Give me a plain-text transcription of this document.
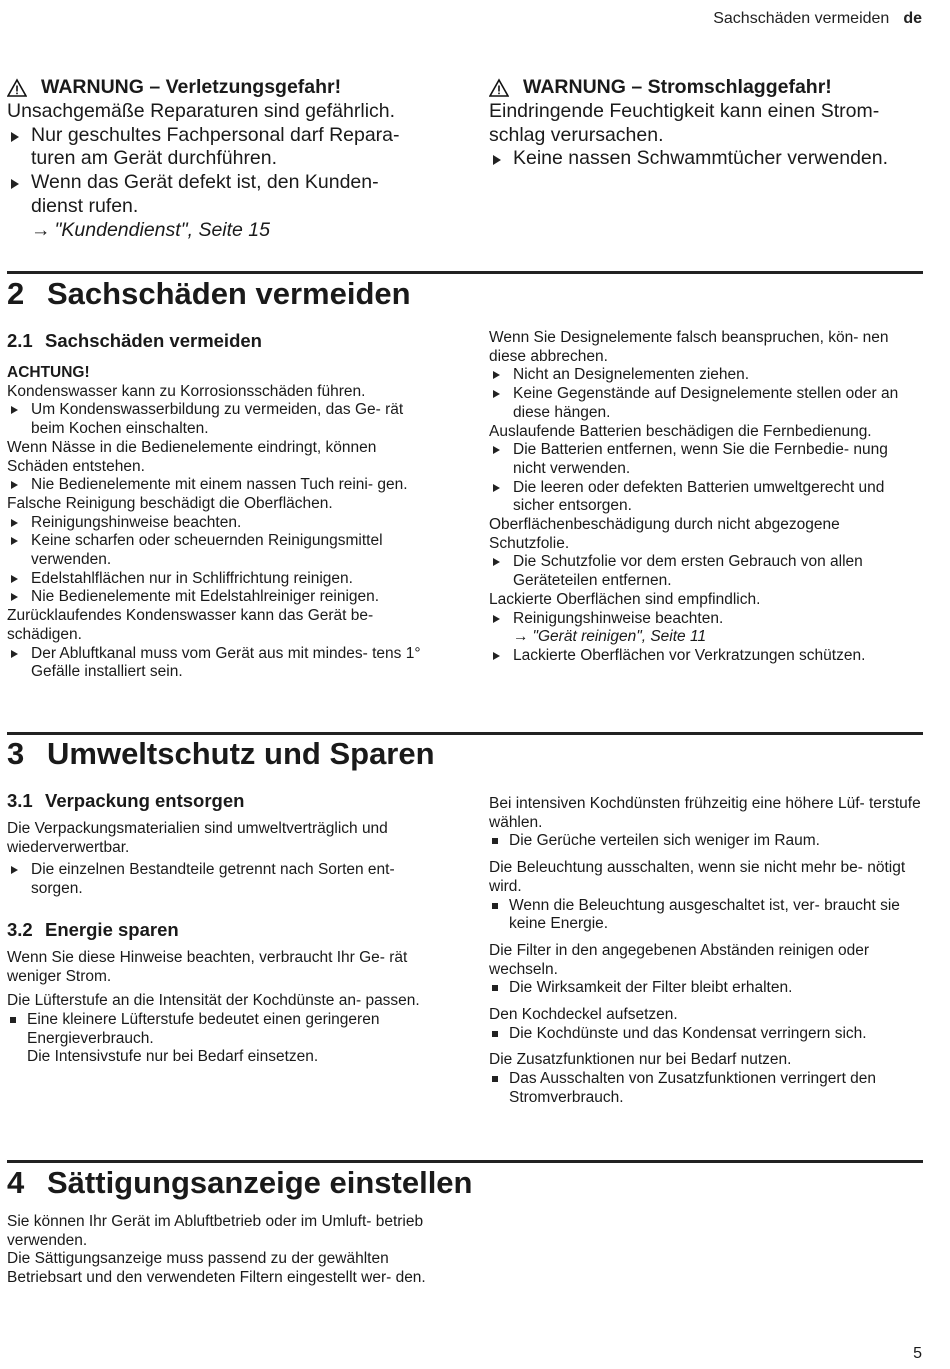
Sachschäden vermeiden de
WARNUNG – Verletzungsgefahr!

Unsachgemäße Reparaturen sind gefährlich.

Nur geschultes Fachpersonal darf Repara- turen am Gerät durchführen.
Wenn das Gerät defekt ist, den Kunden- dienst rufen.
→ "Kundendienst", Seite 15
WARNUNG – Stromschlaggefahr!

Eindringende Feuchtigkeit kann einen Strom- schlag verursachen.

Keine nassen Schwammtücher verwenden.
2 Sachschäden vermeiden
2.1 Sachschäden vermeiden

ACHTUNG!

Kondenswasser kann zu Korrosionsschäden führen.

Um Kondenswasserbildung zu vermeiden, das Ge- rät beim Kochen einschalten.

Wenn Nässe in die Bedienelemente eindringt, können Schäden entstehen.

Nie Bedienelemente mit einem nassen Tuch reini- gen.

Falsche Reinigung beschädigt die Oberflächen.

Reinigungshinweise beachten.
Keine scharfen oder scheuernden Reinigungsmittel verwenden.
Edelstahlflächen nur in Schliffrichtung reinigen.
Nie Bedienelemente mit Edelstahlreiniger reinigen.

Zurücklaufendes Kondenswasser kann das Gerät be- schädigen.

Der Abluftkanal muss vom Gerät aus mit mindes- tens 1° Gefälle installiert sein.

Wenn Sie Designelemente falsch beanspruchen, kön- nen diese abbrechen.

Nicht an Designelementen ziehen.
Keine Gegenstände auf Designelemente stellen oder an diese hängen.

Auslaufende Batterien beschädigen die Fernbedienung.

Die Batterien entfernen, wenn Sie die Fernbedie- nung nicht verwenden.
Die leeren oder defekten Batterien umweltgerecht und sicher entsorgen.

Oberflächenbeschädigung durch nicht abgezogene Schutzfolie.

Die Schutzfolie vor dem ersten Gebrauch von allen Geräteteilen entfernen.

Lackierte Oberflächen sind empfindlich.

Reinigungshinweise beachten.
→ "Gerät reinigen", Seite 11
Lackierte Oberflächen vor Verkratzungen schützen.
3 Umweltschutz und Sparen
3.1 Verpackung entsorgen

Die Verpackungsmaterialien sind umweltverträglich und wiederverwertbar.

Die einzelnen Bestandteile getrennt nach Sorten ent- sorgen.
3.2 Energie sparen

Wenn Sie diese Hinweise beachten, verbraucht Ihr Ge- rät weniger Strom.

Die Lüfterstufe an die Intensität der Kochdünste an- passen.

Eine kleinere Lüfterstufe bedeutet einen geringeren Energieverbrauch.
Die Intensivstufe nur bei Bedarf einsetzen.

Bei intensiven Kochdünsten frühzeitig eine höhere Lüf- terstufe wählen.

Die Gerüche verteilen sich weniger im Raum.

Die Beleuchtung ausschalten, wenn sie nicht mehr be- nötigt wird.

Wenn die Beleuchtung ausgeschaltet ist, ver- braucht sie keine Energie.

Die Filter in den angegebenen Abständen reinigen oder wechseln.

Die Wirksamkeit der Filter bleibt erhalten.

Den Kochdeckel aufsetzen.

Die Kochdünste und das Kondensat verringern sich.

Die Zusatzfunktionen nur bei Bedarf nutzen.

Das Ausschalten von Zusatzfunktionen verringert den Stromverbrauch.
4 Sättigungsanzeige einstellen

Sie können Ihr Gerät im Abluftbetrieb oder im Umluft- betrieb verwenden.

Die Sättigungsanzeige muss passend zu der gewählten Betriebsart und den verwendeten Filtern eingestellt wer- den.

5
